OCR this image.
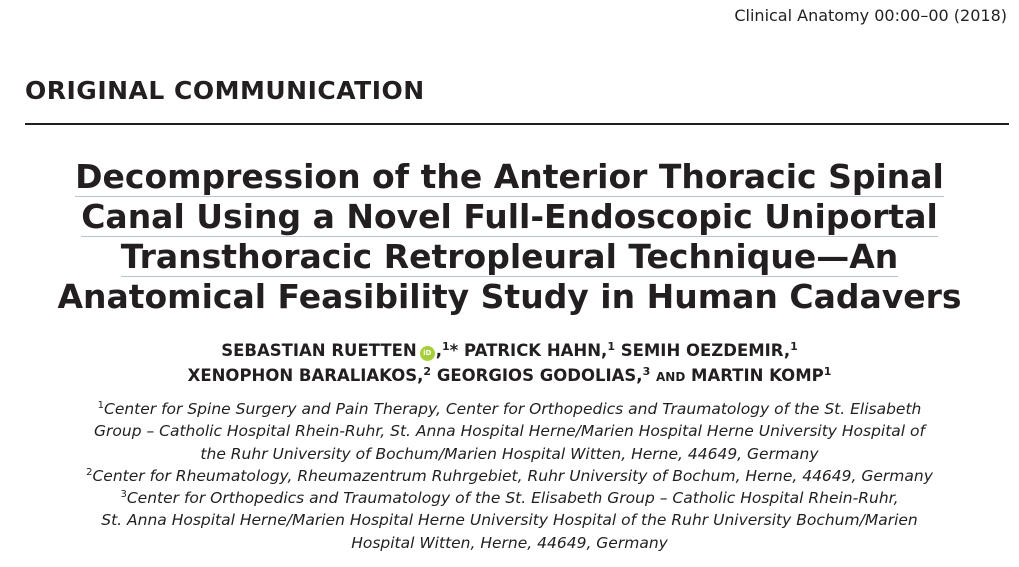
Clinical Anatomy 00:00–00 (2018)
ORIGINAL COMMUNICATION
Decompression of the Anterior Thoracic Spinal
Canal Using a Novel Full-Endoscopic Uniportal
Transthoracic Retropleural Technique—An
Anatomical Feasibility Study in Human Cadavers
SEBASTIAN RUETTEN iD ,$^1$* PATRICK HAHN,$^1$ SEMIH OEZDEMIR,$^1$
XENOPHON BARALIAKOS,$^2$ GEORGIOS GODOLIAS,$^3$ AND MARTIN KOMP$^1$
$^1$Center for Spine Surgery and Pain Therapy, Center for Orthopedics and Traumatology of the St. Elisabeth
Group – Catholic Hospital Rhein-Ruhr, St. Anna Hospital Herne/Marien Hospital Herne University Hospital of
the Ruhr University of Bochum/Marien Hospital Witten, Herne, 44649, Germany
$^2$Center for Rheumatology, Rheumazentrum Ruhrgebiet, Ruhr University of Bochum, Herne, 44649, Germany
$^3$Center for Orthopedics and Traumatology of the St. Elisabeth Group – Catholic Hospital Rhein-Ruhr,
St. Anna Hospital Herne/Marien Hospital Herne University Hospital of the Ruhr University Bochum/Marien
Hospital Witten, Herne, 44649, Germany
